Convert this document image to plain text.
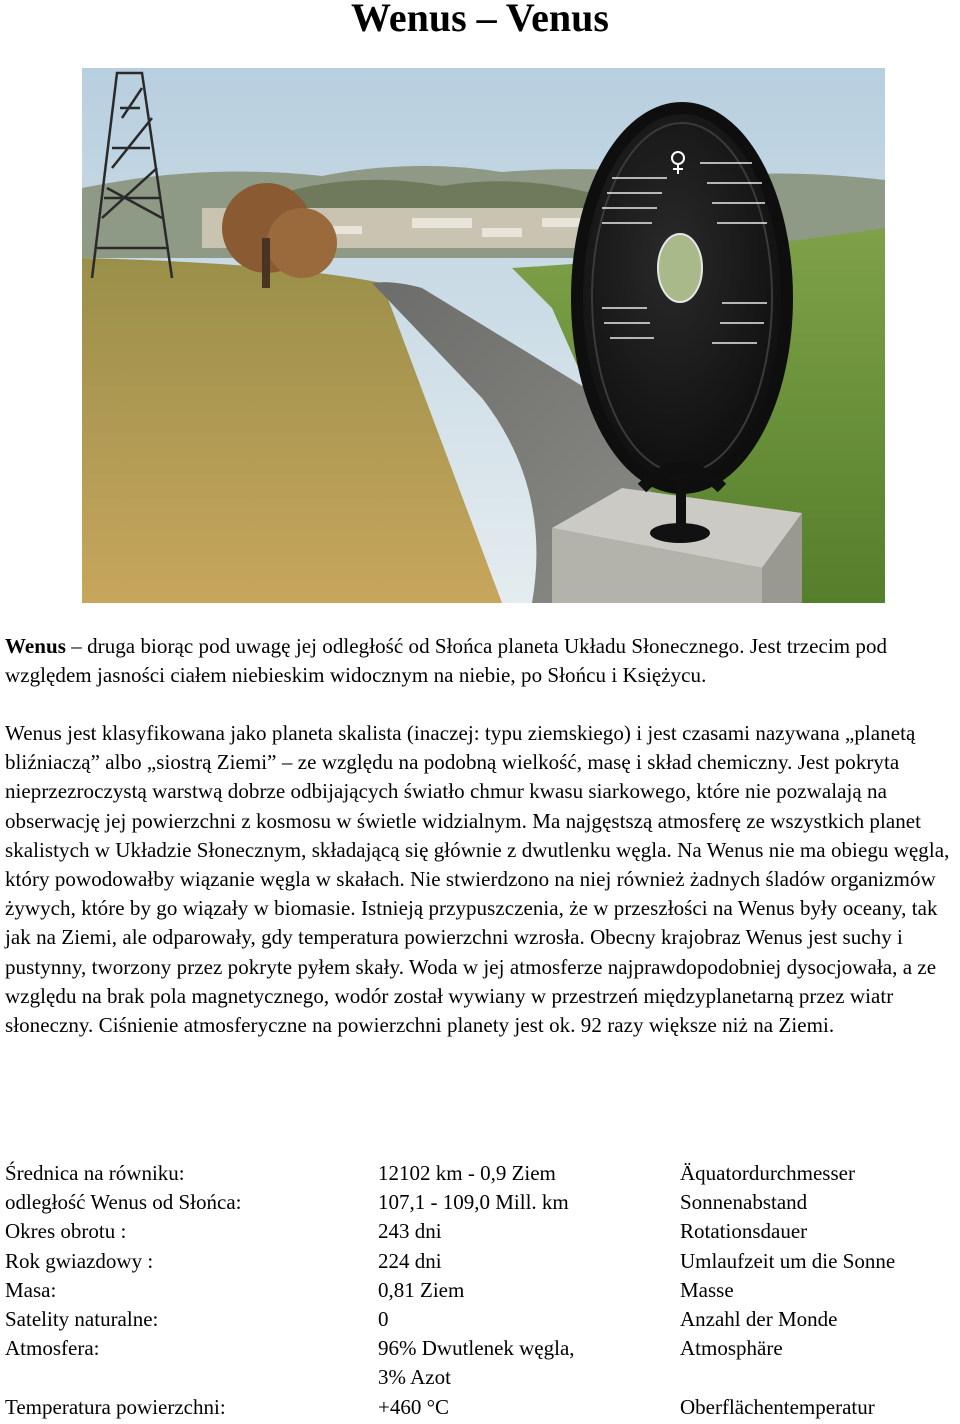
Wenus – Venus

Wenus – druga biorąc pod uwagę jej odległość od Słońca planeta Układu Słonecznego. Jest trzecim pod względem jasności ciałem niebieskim widocznym na niebie, po Słońcu i Księżycu.

Wenus jest klasyfikowana jako planeta skalista (inaczej: typu ziemskiego) i jest czasami nazywana „planetą bliźniaczą” albo „siostrą Ziemi” – ze względu na podobną wielkość, masę i skład chemiczny. Jest pokryta nieprzezroczystą warstwą dobrze odbijających światło chmur kwasu siarkowego, które nie pozwalają na obserwację jej powierzchni z kosmosu w świetle widzialnym. Ma najgęstszą atmosferę ze wszystkich planet skalistych w Układzie Słonecznym, składającą się głównie z dwutlenku węgla. Na Wenus nie ma obiegu węgla, który powodowałby wiązanie węgla w skałach. Nie stwierdzono na niej również żadnych śladów organizmów żywych, które by go wiązały w biomasie. Istnieją przypuszczenia, że w przeszłości na Wenus były oceany, tak jak na Ziemi, ale odparowały, gdy temperatura powierzchni wzrosła. Obecny krajobraz Wenus jest suchy i pustynny, tworzony przez pokryte pyłem skały. Woda w jej atmosferze najprawdopodobniej dysocjowała, a ze względu na brak pola magnetycznego, wodór został wywiany w przestrzeń międzyplanetarną przez wiatr słoneczny. Ciśnienie atmosferyczne na powierzchni planety jest ok. 92 razy większe niż na Ziemi.

Średnica na równiku:	12102 km - 0,9 Ziem	Äquatordurchmesser
odległość Wenus od Słońca:	107,1 - 109,0 Mill. km	Sonnenabstand
Okres obrotu :	243 dni	Rotationsdauer
Rok gwiazdowy :	224 dni	Umlaufzeit um die Sonne
Masa:	0,81 Ziem	Masse
Satelity naturalne:	0	Anzahl der Monde
Atmosfera:	96% Dwutlenek węgla,	Atmosphäre
	3% Azot	
Temperatura powierzchni:	+460 °C	Oberflächentemperatur
